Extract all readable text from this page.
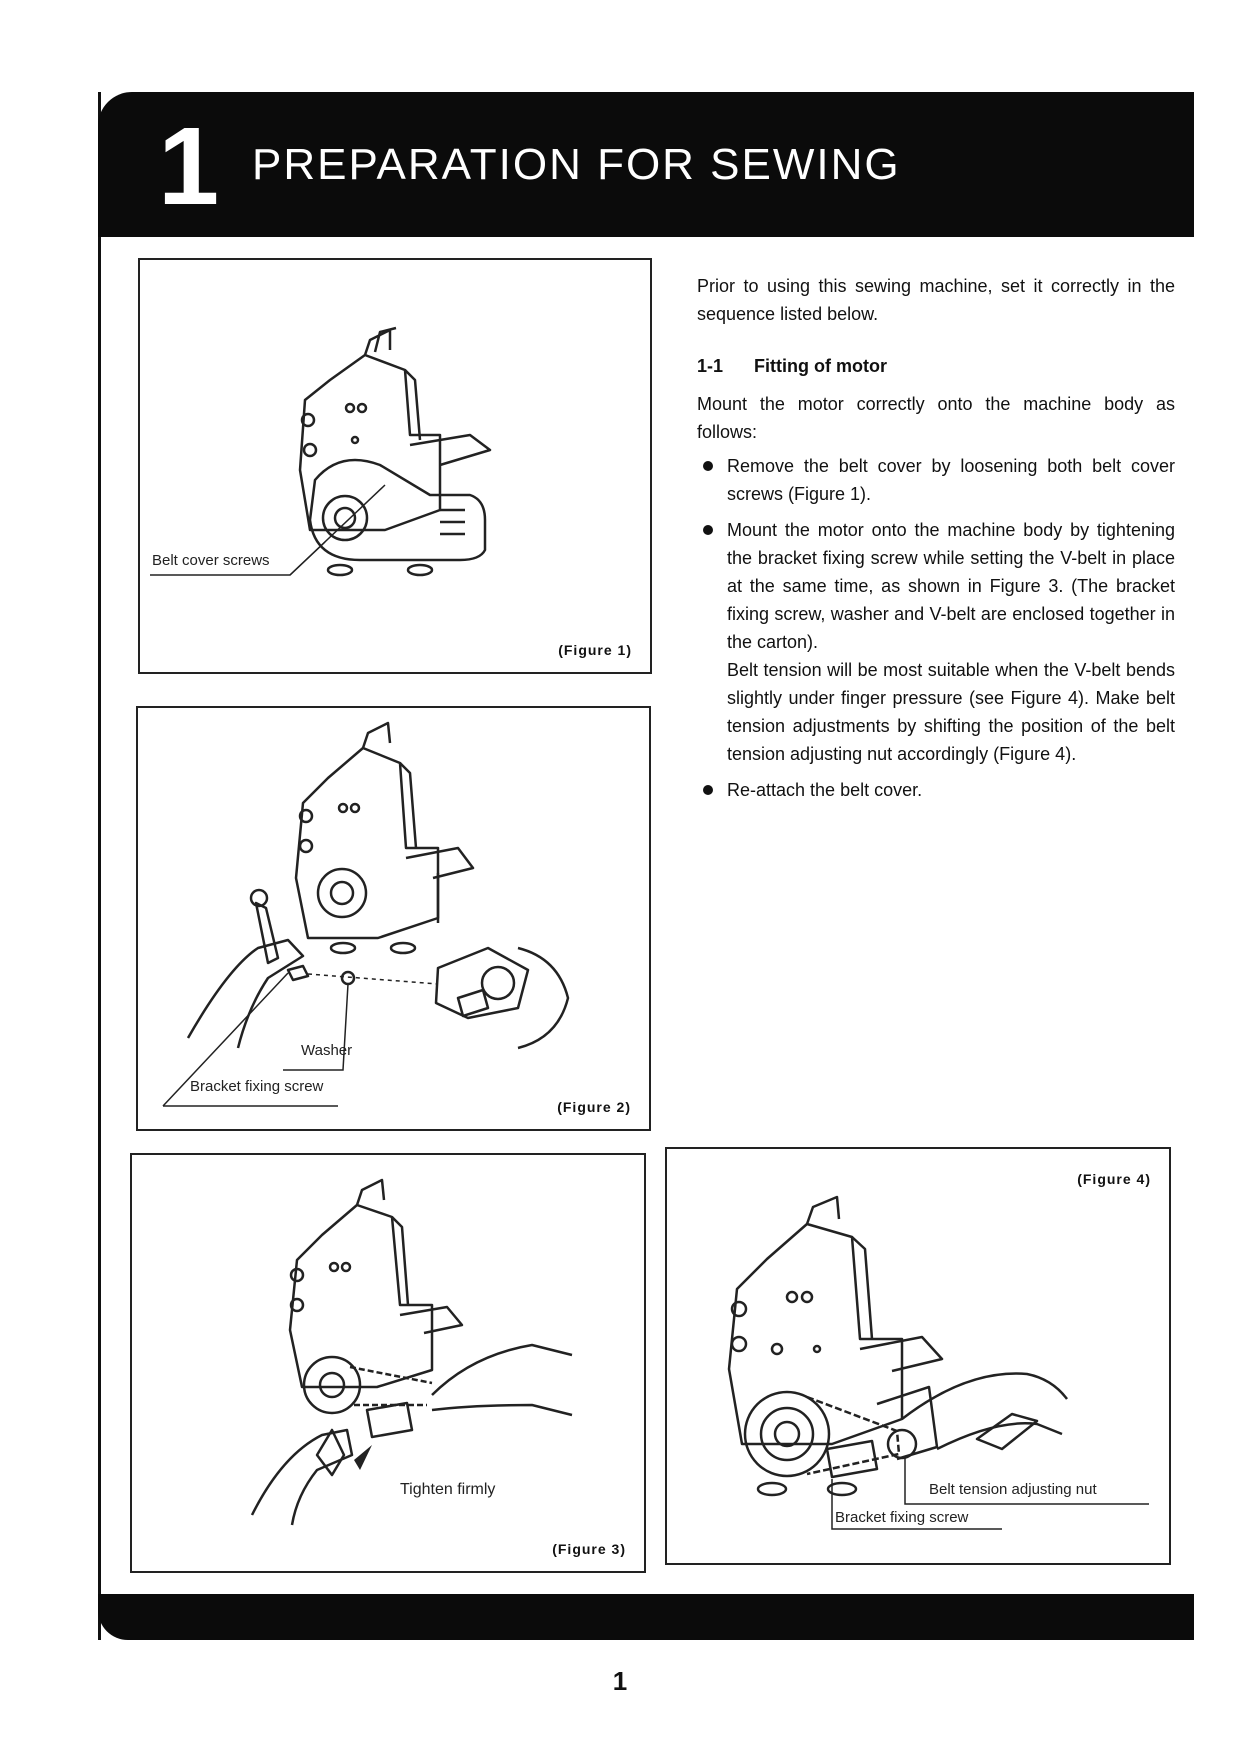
1 PREPARATION FOR SEWING
Belt cover screws
(Figure 1)
Washer
Bracket fixing screw
(Figure 2)
Tighten firmly
(Figure 3)
(Figure 4)
Belt tension adjusting nut
Bracket fixing screw

Prior to using this sewing machine, set it correctly in the sequence listed below.

1-1 Fitting of motor

Mount the motor correctly onto the machine body as follows:

Remove the belt cover by loosening both belt cover screws (Figure 1).

Mount the motor onto the machine body by tightening the bracket fixing screw while setting the V-belt in place at the same time, as shown in Figure 3. (The bracket fixing screw, washer and V-belt are enclosed together in the carton).

Belt tension will be most suitable when the V-belt bends slightly under finger pressure (see Figure 4). Make belt tension adjustments by shifting the position of the belt tension adjusting nut accordingly (Figure 4).

Re-attach the belt cover.

1
